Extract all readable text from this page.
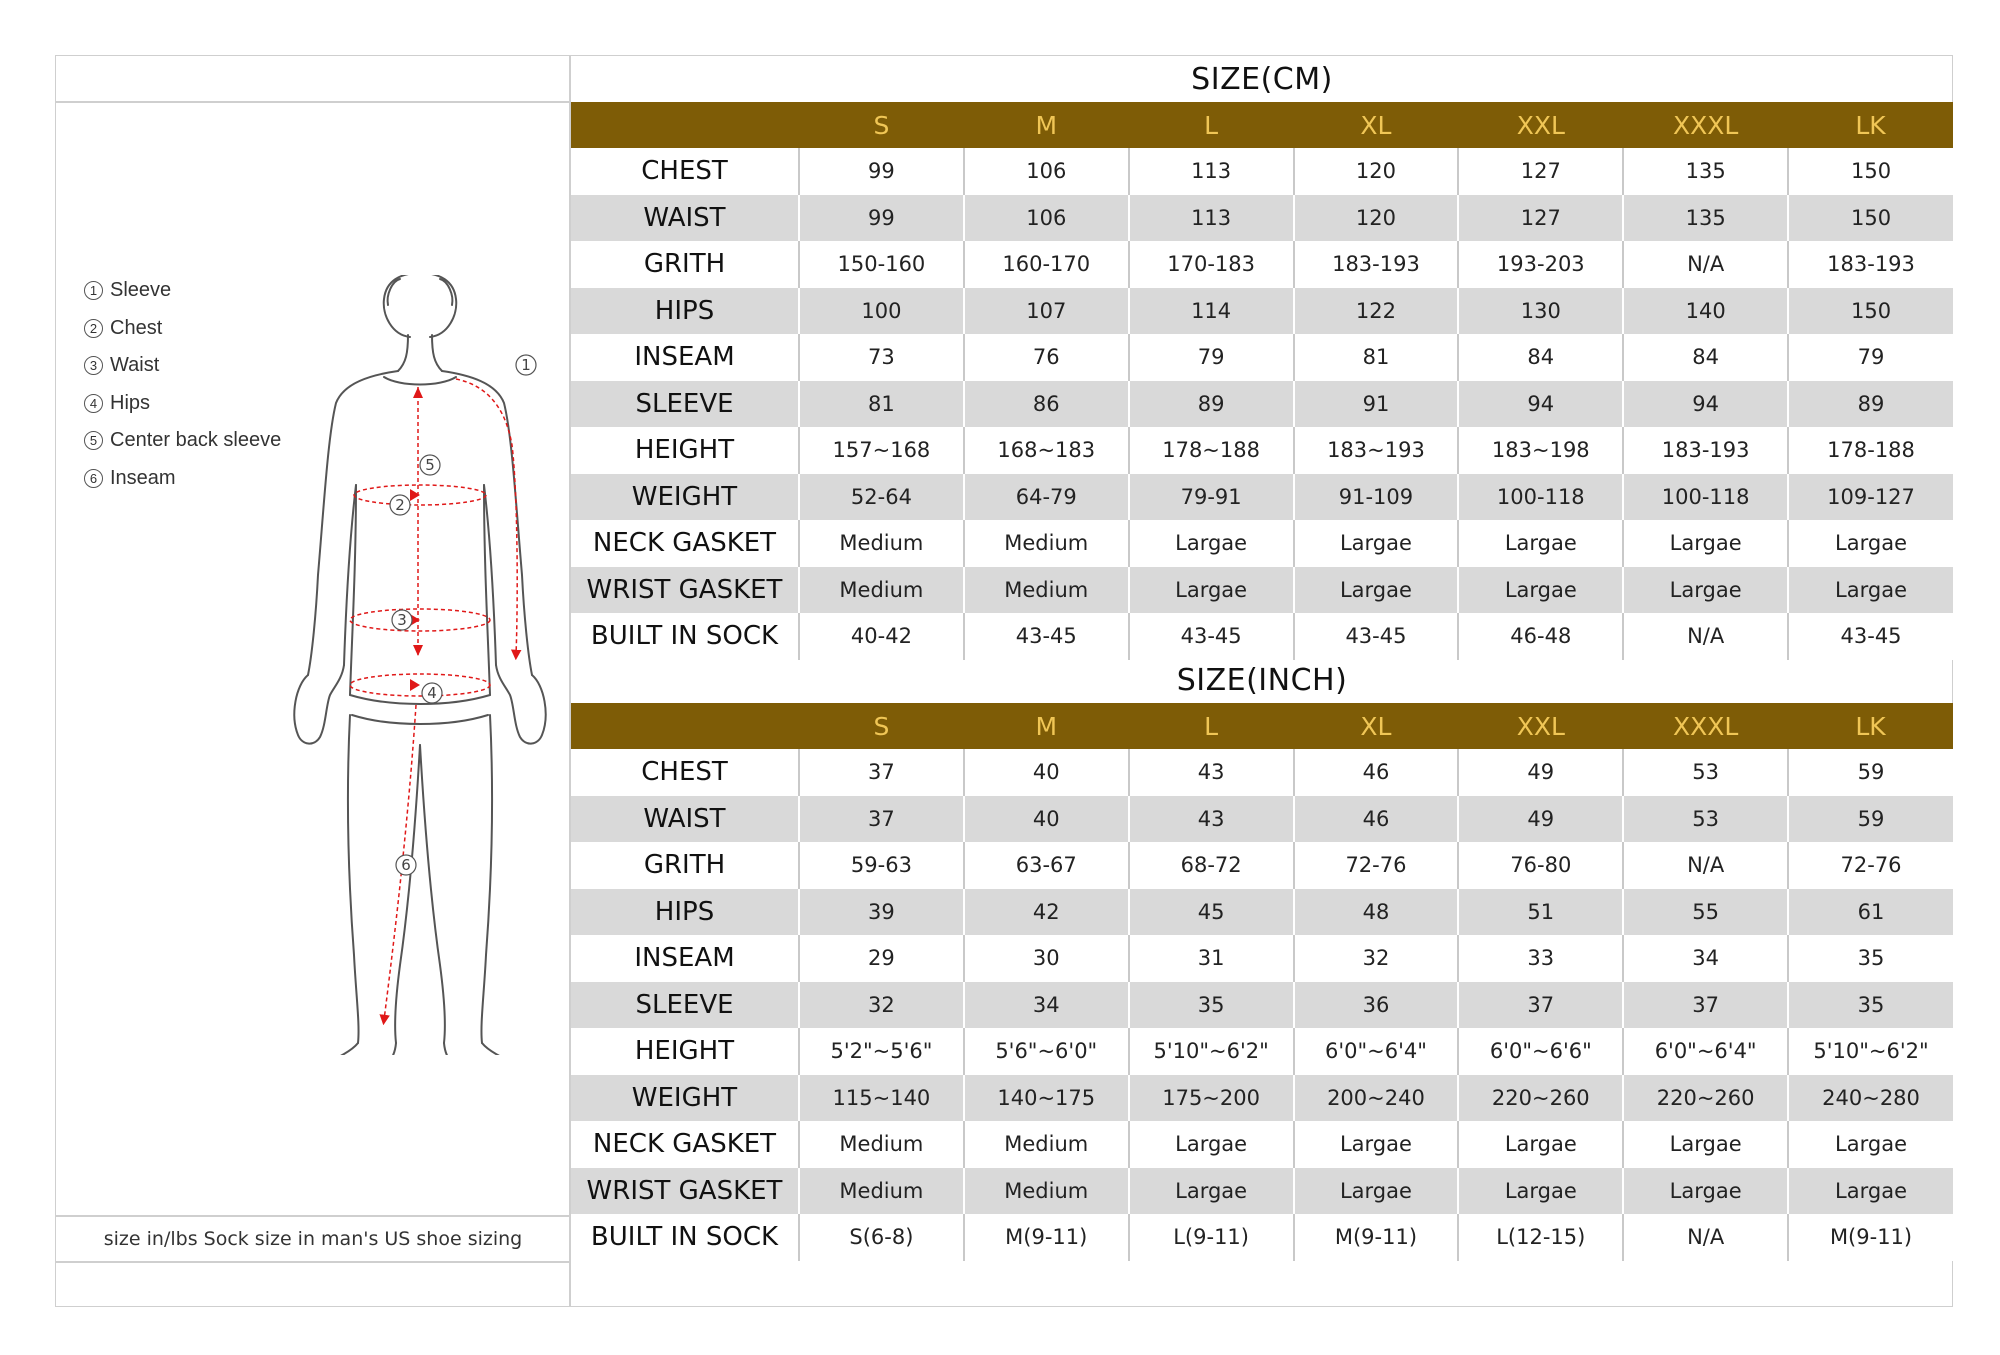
1 Sleeve
2 Chest
3 Waist
4 Hips
5 Center back sleeve
6 Inseam
1
2
3
4
5
6
size in/lbs Sock size in man's US shoe sizing
SIZE(CM)
	S	M	L	XL	XXL	XXXL	LK
CHEST	99	106	113	120	127	135	150
WAIST	99	106	113	120	127	135	150
GRITH	150-160	160-170	170-183	183-193	193-203	N/A	183-193
HIPS	100	107	114	122	130	140	150
INSEAM	73	76	79	81	84	84	79
SLEEVE	81	86	89	91	94	94	89
HEIGHT	157~168	168~183	178~188	183~193	183~198	183-193	178-188
WEIGHT	52-64	64-79	79-91	91-109	100-118	100-118	109-127
NECK GASKET	Medium	Medium	Largae	Largae	Largae	Largae	Largae
WRIST GASKET	Medium	Medium	Largae	Largae	Largae	Largae	Largae
BUILT IN SOCK	40-42	43-45	43-45	43-45	46-48	N/A	43-45
SIZE(INCH)
	S	M	L	XL	XXL	XXXL	LK
CHEST	37	40	43	46	49	53	59
WAIST	37	40	43	46	49	53	59
GRITH	59-63	63-67	68-72	72-76	76-80	N/A	72-76
HIPS	39	42	45	48	51	55	61
INSEAM	29	30	31	32	33	34	35
SLEEVE	32	34	35	36	37	37	35
HEIGHT	5'2"~5'6"	5'6"~6'0"	5'10"~6'2"	6'0"~6'4"	6'0"~6'6"	6'0"~6'4"	5'10"~6'2"
WEIGHT	115~140	140~175	175~200	200~240	220~260	220~260	240~280
NECK GASKET	Medium	Medium	Largae	Largae	Largae	Largae	Largae
WRIST GASKET	Medium	Medium	Largae	Largae	Largae	Largae	Largae
BUILT IN SOCK	S(6-8)	M(9-11)	L(9-11)	M(9-11)	L(12-15)	N/A	M(9-11)
